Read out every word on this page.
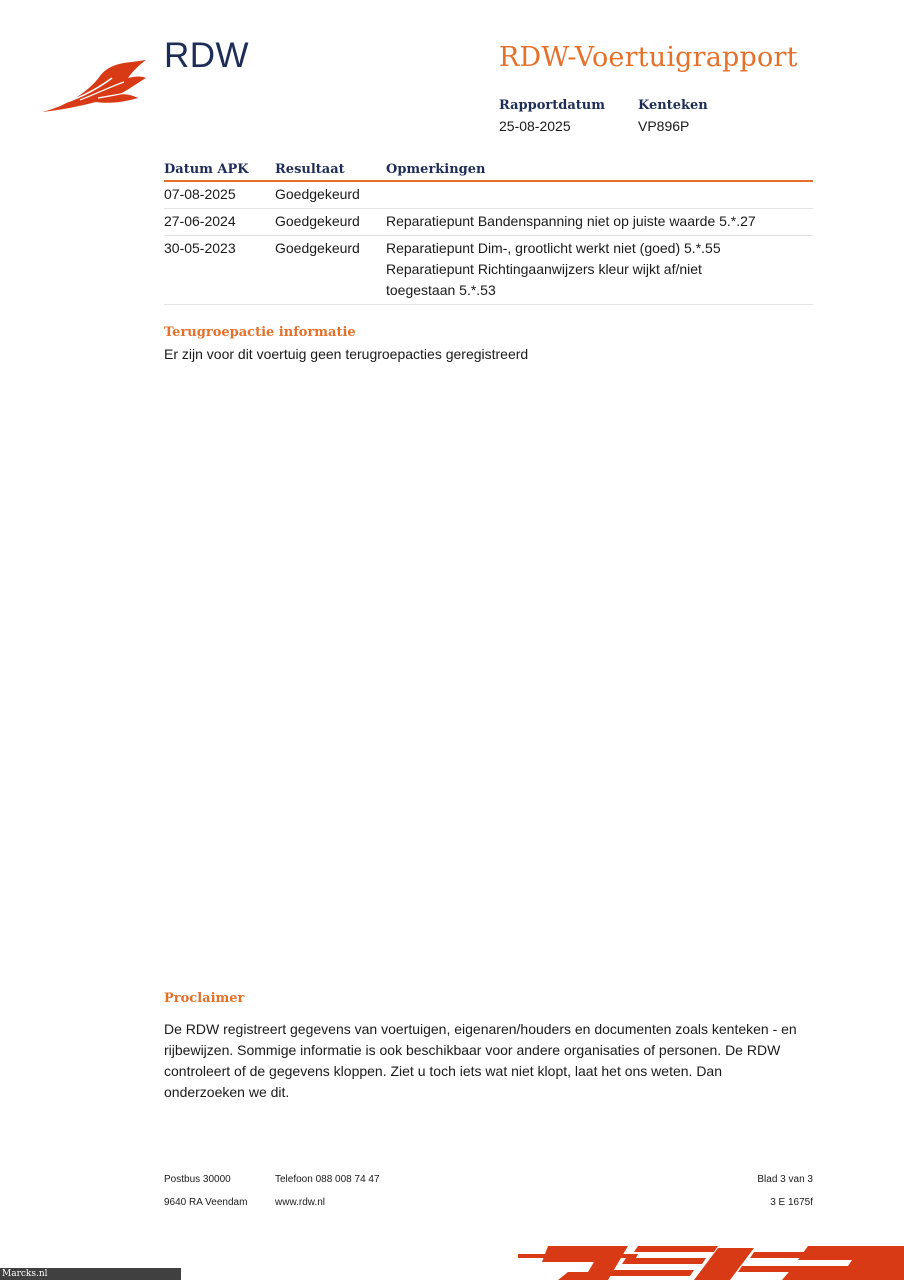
RDW	RDW-Voertuigrapport
Rapportdatum
25-08-2025
Kenteken
VP896P
Datum APK	Resultaat	Opmerkingen
07-08-2025	Goedgekeurd	
27-06-2024	Goedgekeurd	Reparatiepunt Bandenspanning niet op juiste waarde 5.*.27

30-05-2023	Goedgekeurd	Reparatiepunt Dim-, grootlicht werkt niet (goed) 5.*.55
Reparatiepunt Richtingaanwijzers kleur wijkt af/niet toegestaan 5.*.53
Terugroepactie informatie
Er zijn voor dit voertuig geen terugroepacties geregistreerd
Proclaimer
De RDW registreert gegevens van voertuigen, eigenaren/houders en documenten zoals kenteken - en rijbewijzen. Sommige informatie is ook beschikbaar voor andere organisaties of personen. De RDW controleert of de gegevens kloppen. Ziet u toch iets wat niet klopt, laat het ons weten. Dan onderzoeken we dit.
Postbus 30000
9640 RA Veendam
Telefoon 088 008 74 47
www.rdw.nl
Blad 3 van 3
3 E 1675f
Marcks.nl
